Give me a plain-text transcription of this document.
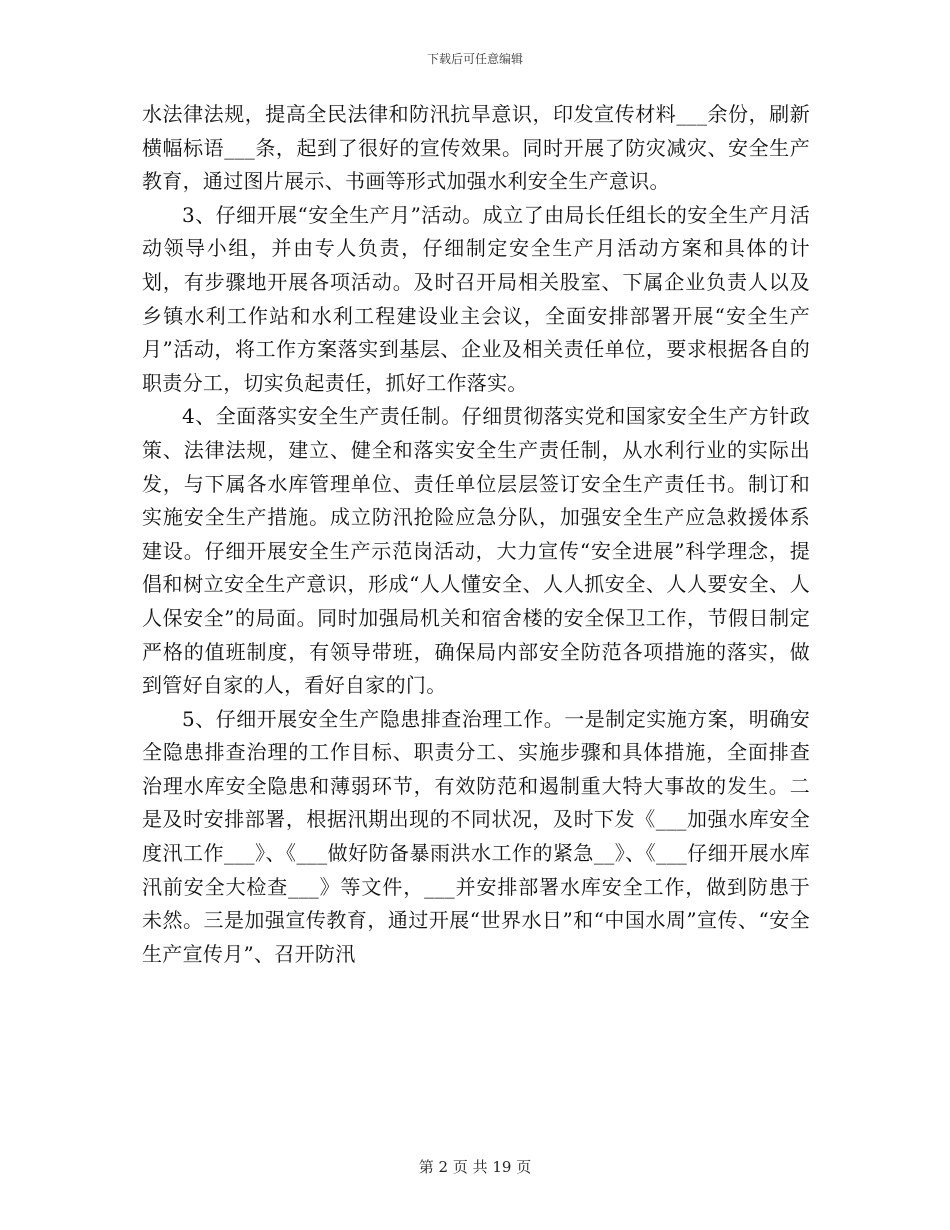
下载后可任意编辑

水法律法规，提高全民法律和防汛抗旱意识，印发宣传材料___余份，刷新横幅标语___条，起到了很好的宣传效果。同时开展了防灾减灾、安全生产教育，通过图片展示、书画等形式加强水利安全生产意识。

3、仔细开展“安全生产月”活动。成立了由局长任组长的安全生产月活动领导小组，并由专人负责，仔细制定安全生产月活动方案和具体的计划，有步骤地开展各项活动。及时召开局相关股室、下属企业负责人以及乡镇水利工作站和水利工程建设业主会议，全面安排部署开展“安全生产月”活动，将工作方案落实到基层、企业及相关责任单位，要求根据各自的职责分工，切实负起责任，抓好工作落实。

4、全面落实安全生产责任制。仔细贯彻落实党和国家安全生产方针政策、法律法规，建立、健全和落实安全生产责任制，从水利行业的实际出发，与下属各水库管理单位、责任单位层层签订安全生产责任书。制订和实施安全生产措施。成立防汛抢险应急分队，加强安全生产应急救援体系建设。仔细开展安全生产示范岗活动，大力宣传“安全进展”科学理念，提倡和树立安全生产意识，形成“人人懂安全、人人抓安全、人人要安全、人人保安全”的局面。同时加强局机关和宿舍楼的安全保卫工作，节假日制定严格的值班制度，有领导带班，确保局内部安全防范各项措施的落实，做到管好自家的人，看好自家的门。

5、仔细开展安全生产隐患排查治理工作。一是制定实施方案，明确安全隐患排查治理的工作目标、职责分工、实施步骤和具体措施，全面排查治理水库安全隐患和薄弱环节，有效防范和遏制重大特大事故的发生。二是及时安排部署，根据汛期出现的不同状况，及时下发《___加强水库安全度汛工作___》、《___做好防备暴雨洪水工作的紧急__》、《___仔细开展水库汛前安全大检查___》等文件，___并安排部署水库安全工作，做到防患于未然。三是加强宣传教育，通过开展“世界水日”和“中国水周”宣传、“安全生产宣传月”、召开防汛

第 2 页 共 19 页
